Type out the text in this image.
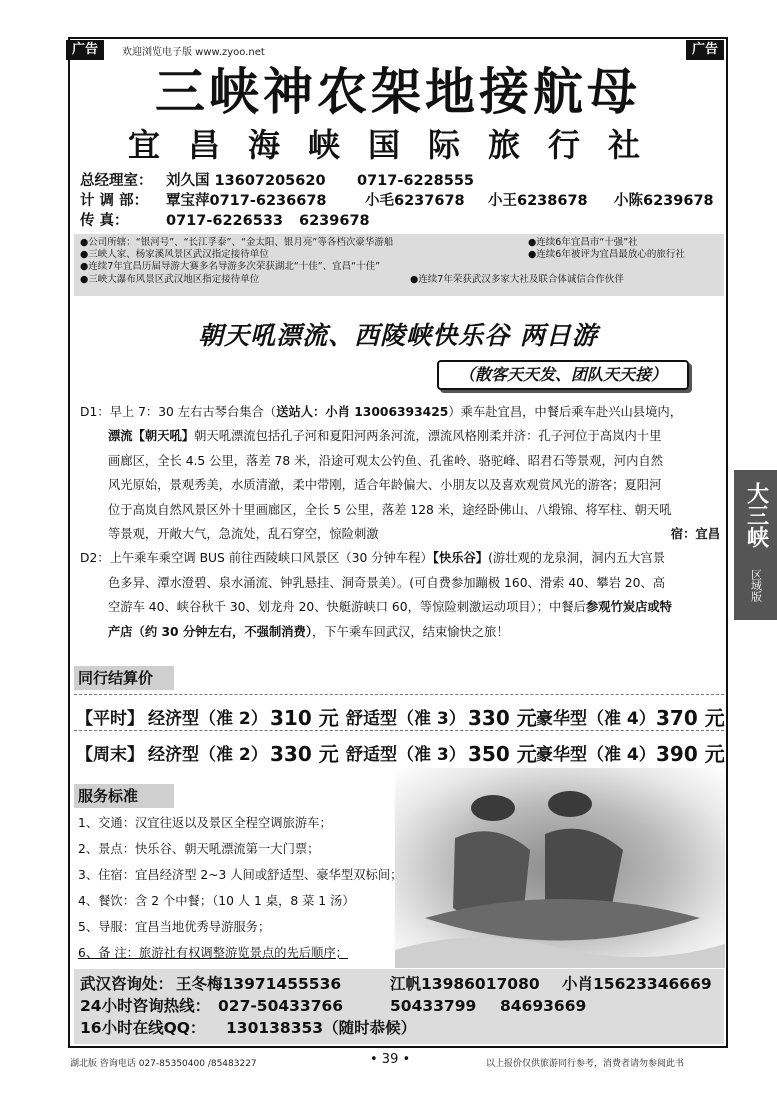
广告	广告
欢迎浏览电子版 www.zyoo.net
三峡神农架地接航母
宜昌海峡国际旅行社
总经理室： 刘久国 13607205620 0717-6228555
计 调 部： 覃宝萍0717-6236678	小毛6237678 小王6238678 小陈6239678
传 真：	0717-6226533 6239678
●公司所辖：“银河号”、“长江孚泰”、“金太阳、银月亮”等各档次豪华游船	●连续6年宜昌市“十强”社
●三峡人家、杨家溪风景区武汉指定接待单位	●连续6年被评为宜昌最放心的旅行社
●连续7年宜昌历届导游大赛多名导游多次荣获湖北“十佳”、宜昌“十佳”
●三峡大瀑布风景区武汉地区指定接待单位	●连续7年荣获武汉多家大社及联合体诚信合作伙伴
朝天吼漂流、西陵峡快乐谷 两日游
（散客天天发、团队天天接）
D1：早上 7：30 左右古琴台集合（送站人：小肖 13006393425）乘车赴宜昌，中餐后乘车赴兴山县境内，
漂流【朝天吼】朝天吼漂流包括孔子河和夏阳河两条河流，漂流风格刚柔并济：孔子河位于高岚内十里
画廊区，全长 4.5 公里，落差 78 米，沿途可观太公钓鱼、孔雀岭、骆驼峰、昭君石等景观，河内自然
风光原始，景观秀美，水质清澈，柔中带刚，适合年龄偏大、小朋友以及喜欢观赏风光的游客；夏阳河
位于高岚自然风景区外十里画廊区，全长 5 公里，落差 128 米，途经卧佛山、八缎锦、将军柱、朝天吼
等景观，开敞大气，急流处，乱石穿空，惊险刺激	宿：宜昌
D2：上午乘车乘空调 BUS 前往西陵峡口风景区（30 分钟车程）【快乐谷】(游壮观的龙泉洞，洞内五大宫景
色多异、潭水澄碧、泉水涌流、钟乳悬挂、洞奇景美）。(可自费参加蹦极 160、滑索 40、攀岩 20、高
空游车 40、峡谷秋千 30、划龙舟 20、快艇游峡口 60，等惊险刺激运动项目）；中餐后参观竹炭店或特
产店（约 30 分钟左右，不强制消费），下午乘车回武汉，结束愉快之旅！
同行结算价
【平时】 经济型（准 2） 310 元 舒适型（准 3） 330 元 豪华型（准 4） 370 元
【周末】 经济型（准 2） 330 元 舒适型（准 3） 350 元 豪华型（准 4） 390 元
服务标准
1、交通：汉宜往返以及景区全程空调旅游车；
2、景点：快乐谷、朝天吼漂流第一大门票；
3、住宿：宜昌经济型 2~3 人间或舒适型、豪华型双标间；
4、餐饮：含 2 个中餐；（10 人 1 桌，8 菜 1 汤）
5、导服：宜昌当地优秀导游服务；
6、备 注：旅游社有权调整游览景点的先后顺序；
武汉咨询处： 王冬梅13971455536	江帆13986017080 小肖15623346669
24小时咨询热线： 027-50433766	50433799 84693669
16小时在线QQ： 130138353（随时恭候）
湖北版 咨询电话 027-85350400 /85483227	• 39 •	以上报价仅供旅游同行参考，消费者请勿参阅此书
大三峡
区域版
